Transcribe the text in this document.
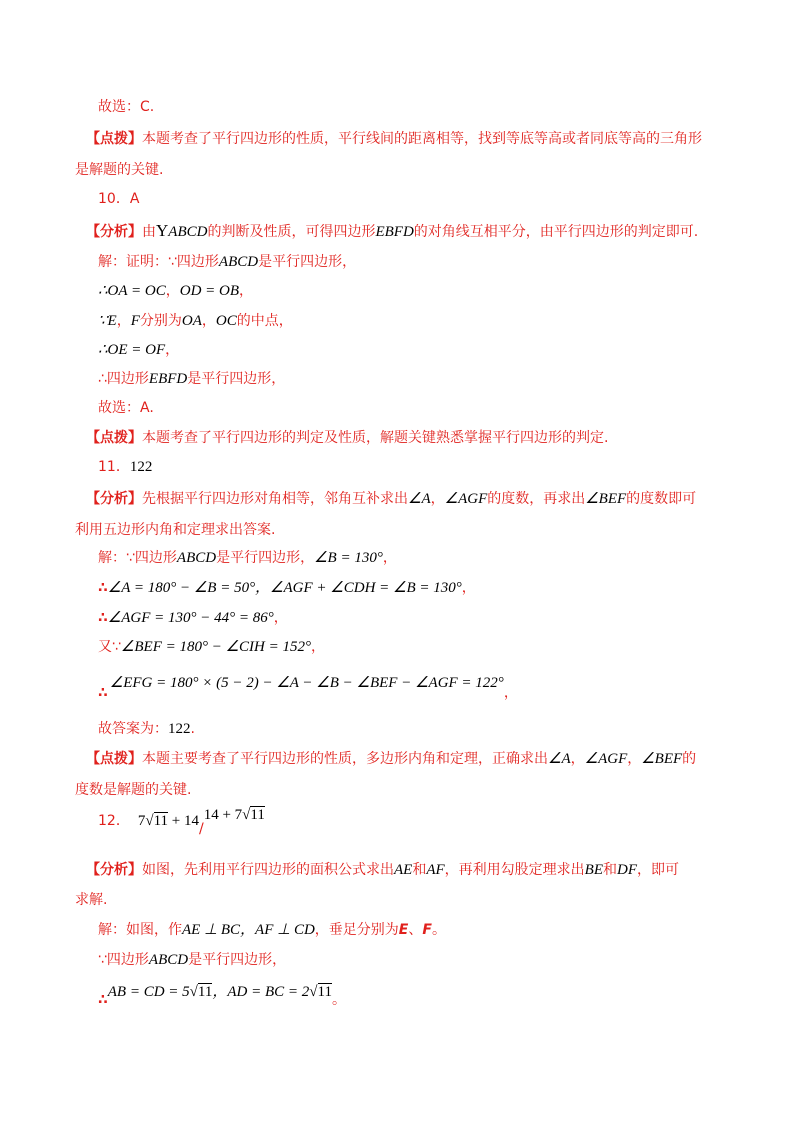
故选：C.
【点拨】本题考查了平行四边形的性质，平行线间的距离相等，找到等底等高或者同底等高的三角形
是解题的关键.
10．A
【分析】由YABCD的判断及性质，可得四边形EBFD的对角线互相平分，由平行四边形的判定即可.
解：证明：∵四边形ABCD是平行四边形，
∴OA = OC，OD = OB，
∵E，F分别为OA，OC的中点，
∴OE = OF，
∴四边形EBFD是平行四边形，
故选：A.
【点拨】本题考查了平行四边形的判定及性质，解题关键熟悉掌握平行四边形的判定.
11．122
【分析】先根据平行四边形对角相等，邻角互补求出∠A，∠AGF的度数，再求出∠BEF的度数即可
利用五边形内角和定理求出答案.
解：∵四边形ABCD是平行四边形，∠B = 130°，
∴∠A = 180° − ∠B = 50°，∠AGF + ∠CDH = ∠B = 130°，
∴∠AGF = 130° − 44° = 86°，
又∵∠BEF = 180° − ∠CIH = 152°，
∴∠EFG = 180° × (5 − 2) − ∠A − ∠B − ∠BEF − ∠AGF = 122°，
故答案为：122.
【点拨】本题主要考查了平行四边形的性质，多边形内角和定理，正确求出∠A，∠AGF，∠BEF的
度数是解题的关键.
12． 7√11 + 14/14 + 7√11
【分析】如图，先利用平行四边形的面积公式求出AE和AF，再利用勾股定理求出BE和DF，即可
求解.
解：如图，作AE ⊥ BC，AF ⊥ CD，垂足分别为E、F。
∵四边形ABCD是平行四边形，
∴AB = CD = 5√11，AD = BC = 2√11。
